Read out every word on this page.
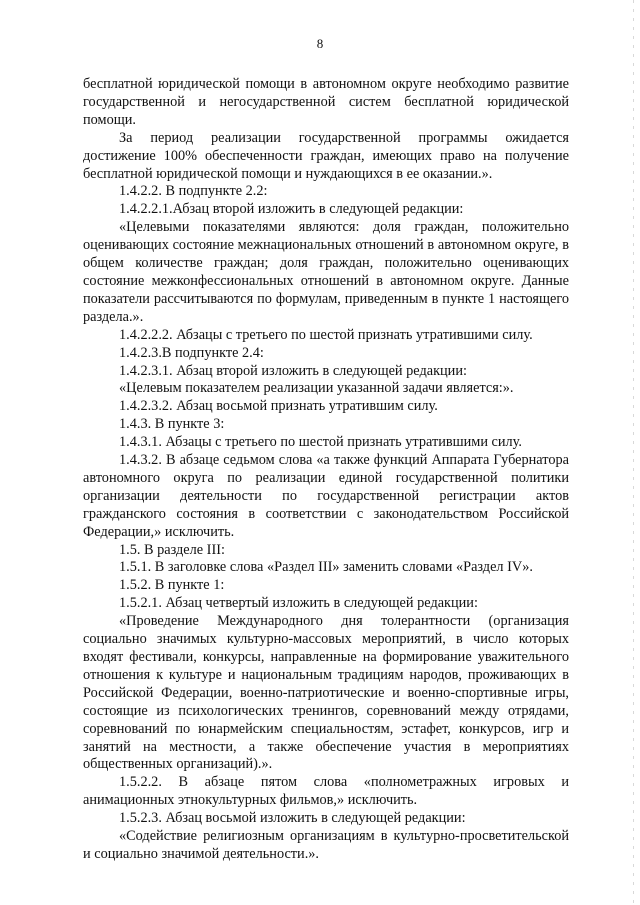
8

бесплатной юридической помощи в автономном округе необходимо развитие государственной и негосударственной систем бесплатной юридической помощи.

За период реализации государственной программы ожидается достижение 100% обеспеченности граждан, имеющих право на получение бесплатной юридической помощи и нуждающихся в ее оказании.».

1.4.2.2. В подпункте 2.2:

1.4.2.2.1.Абзац второй изложить в следующей редакции:

«Целевыми показателями являются: доля граждан, положительно оценивающих состояние межнациональных отношений в автономном округе, в общем количестве граждан; доля граждан, положительно оценивающих состояние межконфессиональных отношений в автономном округе. Данные показатели рассчитываются по формулам, приведенным в пункте 1 настоящего раздела.».

1.4.2.2.2. Абзацы с третьего по шестой признать утратившими силу.

1.4.2.3.В подпункте 2.4:

1.4.2.3.1. Абзац второй изложить в следующей редакции:

«Целевым показателем реализации указанной задачи является:».

1.4.2.3.2. Абзац восьмой признать утратившим силу.

1.4.3. В пункте 3:

1.4.3.1. Абзацы с третьего по шестой признать утратившими силу.

1.4.3.2. В абзаце седьмом слова «а также функций Аппарата Губернатора автономного округа по реализации единой государственной политики организации деятельности по государственной регистрации актов гражданского состояния в соответствии с законодательством Российской Федерации,» исключить.

1.5. В разделе III:

1.5.1. В заголовке слова «Раздел III» заменить словами «Раздел IV».

1.5.2. В пункте 1:

1.5.2.1. Абзац четвертый изложить в следующей редакции:

«Проведение Международного дня толерантности (организация социально значимых культурно-массовых мероприятий, в число которых входят фестивали, конкурсы, направленные на формирование уважительного отношения к культуре и национальным традициям народов, проживающих в Российской Федерации, военно-патриотические и военно-спортивные игры, состоящие из психологических тренингов, соревнований между отрядами, соревнований по юнармейским специальностям, эстафет, конкурсов, игр и занятий на местности, а также обеспечение участия в мероприятиях общественных организаций).».

1.5.2.2. В абзаце пятом слова «полнометражных игровых и анимационных этнокультурных фильмов,» исключить.

1.5.2.3. Абзац восьмой изложить в следующей редакции:

«Содействие религиозным организациям в культурно-просветительской и социально значимой деятельности.».
